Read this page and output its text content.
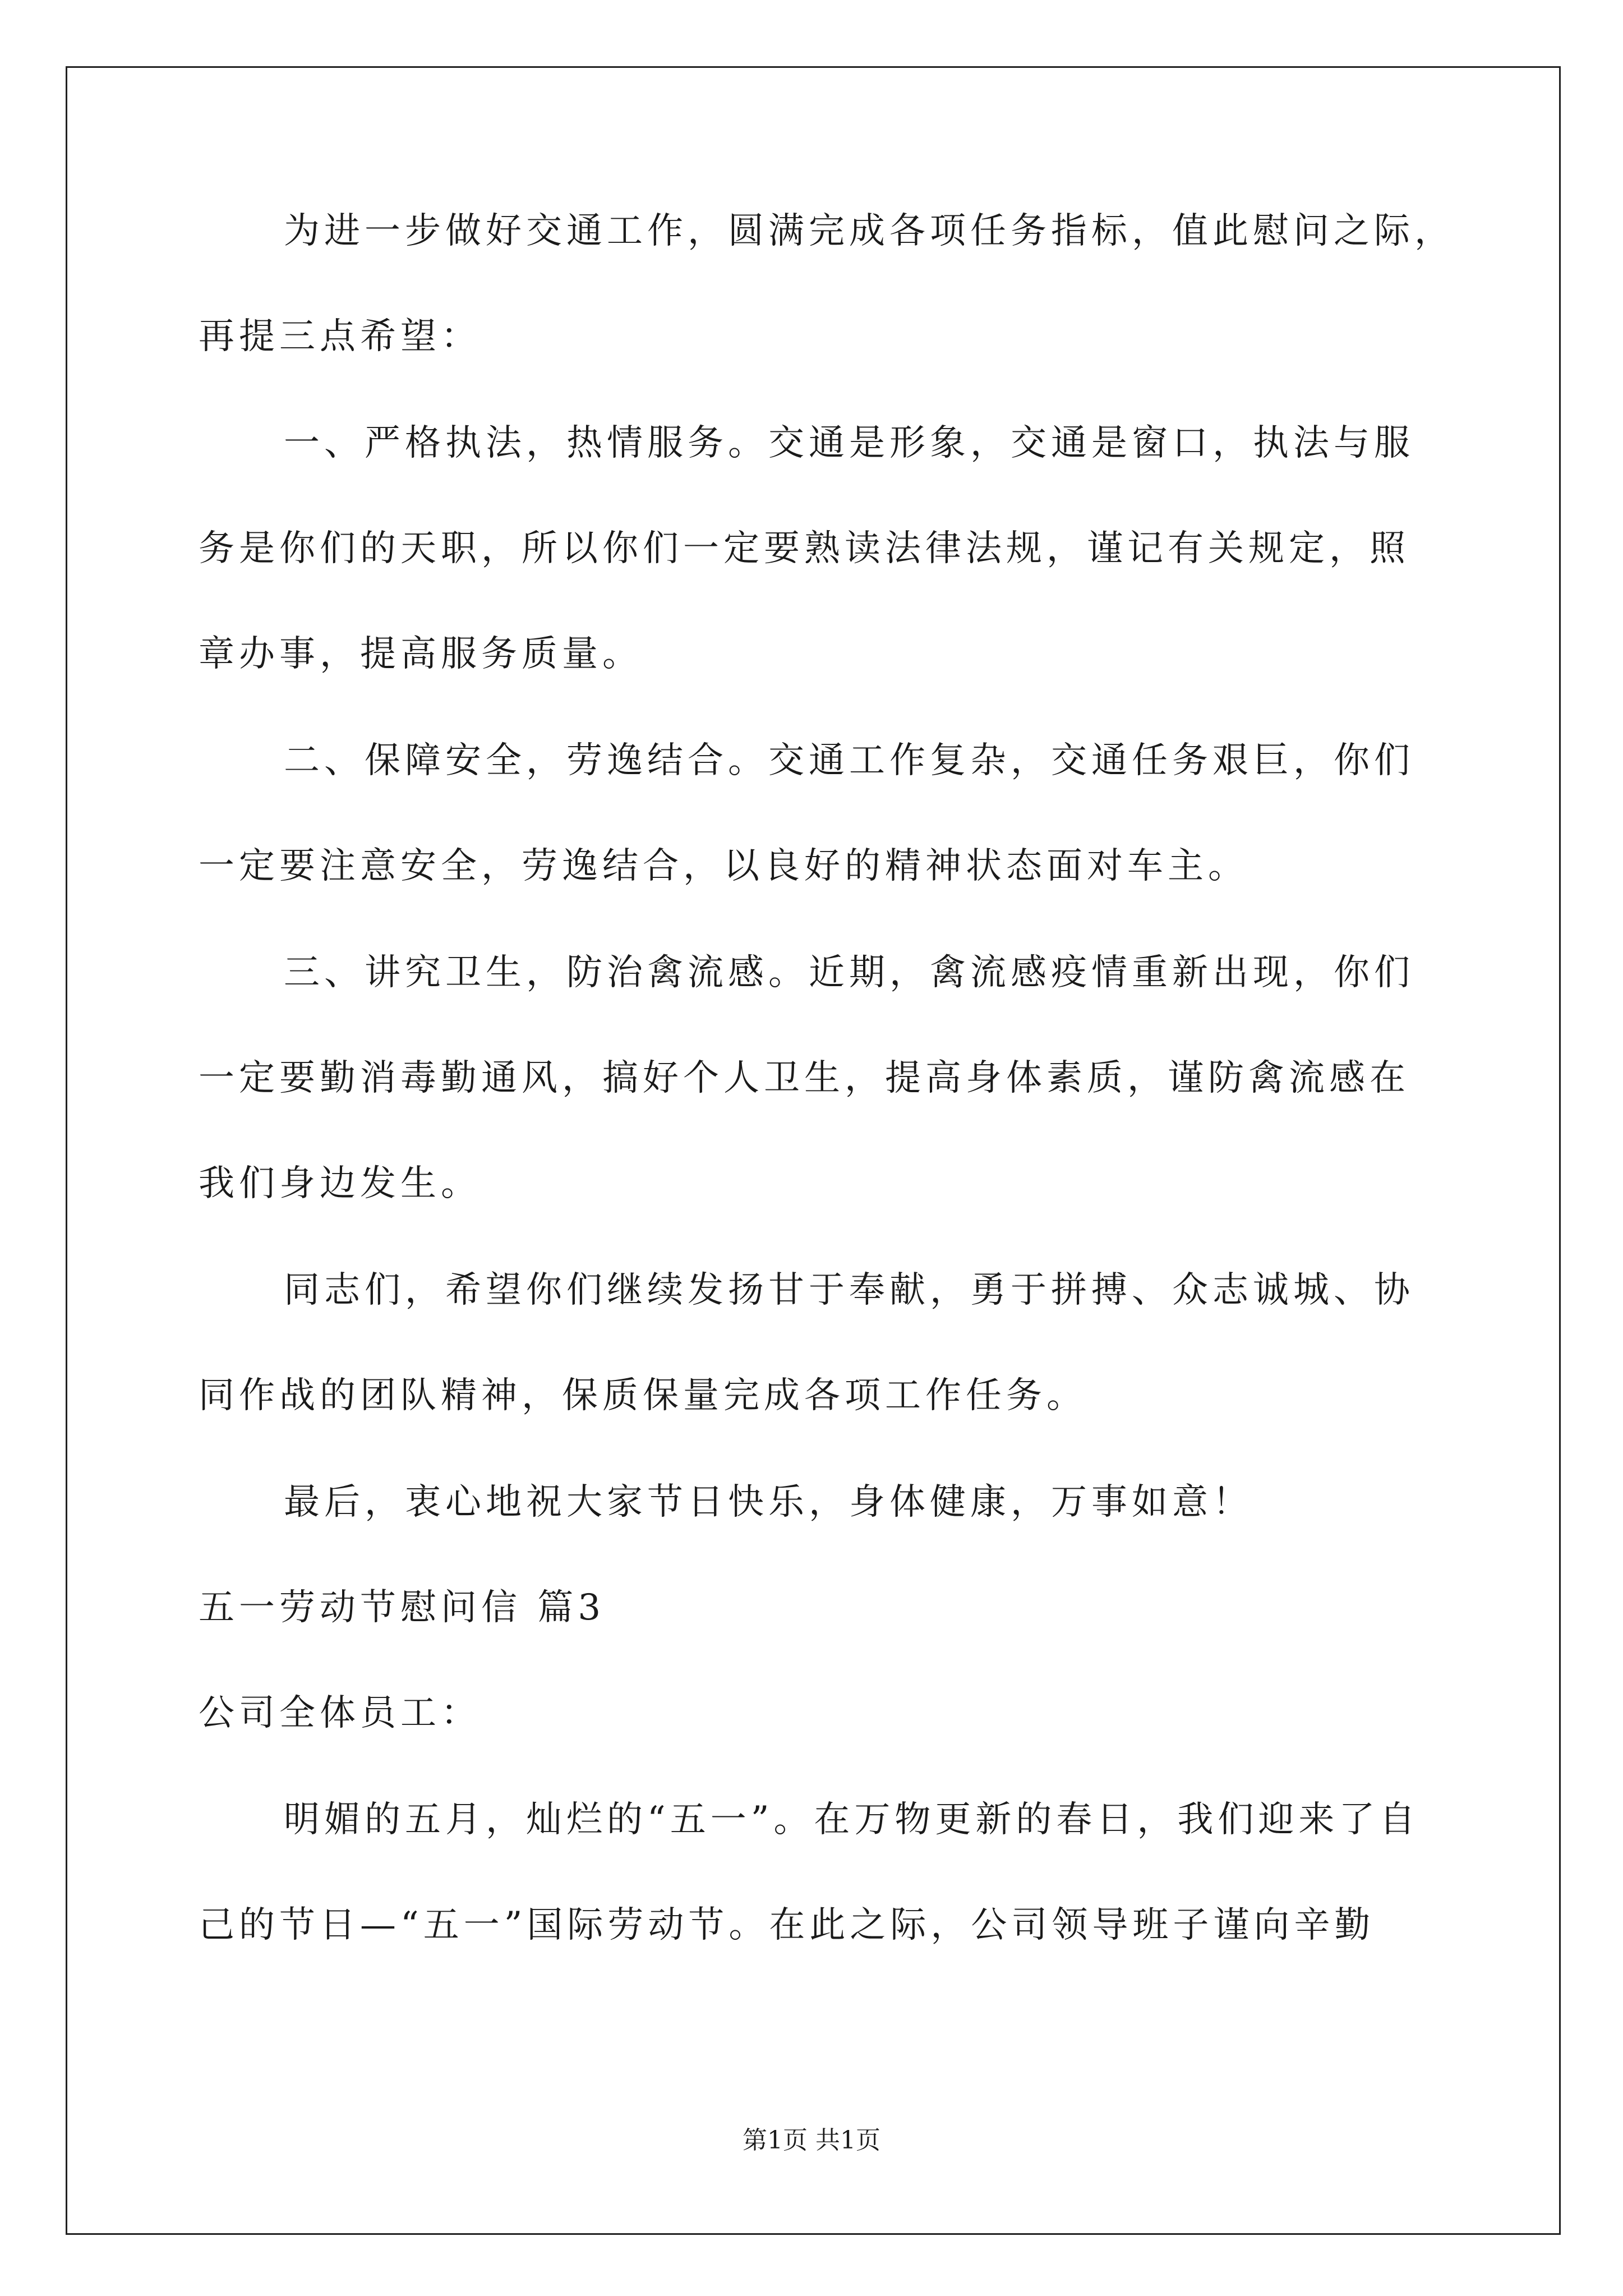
为进一步做好交通工作，圆满完成各项任务指标，值此慰问之际，
再提三点希望：
一、严格执法，热情服务。交通是形象，交通是窗口，执法与服
务是你们的天职，所以你们一定要熟读法律法规，谨记有关规定，照
章办事，提高服务质量。
二、保障安全，劳逸结合。交通工作复杂，交通任务艰巨，你们
一定要注意安全，劳逸结合，以良好的精神状态面对车主。
三、讲究卫生，防治禽流感。近期，禽流感疫情重新出现，你们
一定要勤消毒勤通风，搞好个人卫生，提高身体素质，谨防禽流感在
我们身边发生。
同志们，希望你们继续发扬甘于奉献，勇于拼搏、众志诚城、协
同作战的团队精神，保质保量完成各项工作任务。
最后，衷心地祝大家节日快乐，身体健康，万事如意！
五一劳动节慰问信 篇3
公司全体员工：
明媚的五月，灿烂的“五一”。在万物更新的春日，我们迎来了自
己的节日—“五一”国际劳动节。在此之际，公司领导班子谨向辛勤
第1页 共1页
